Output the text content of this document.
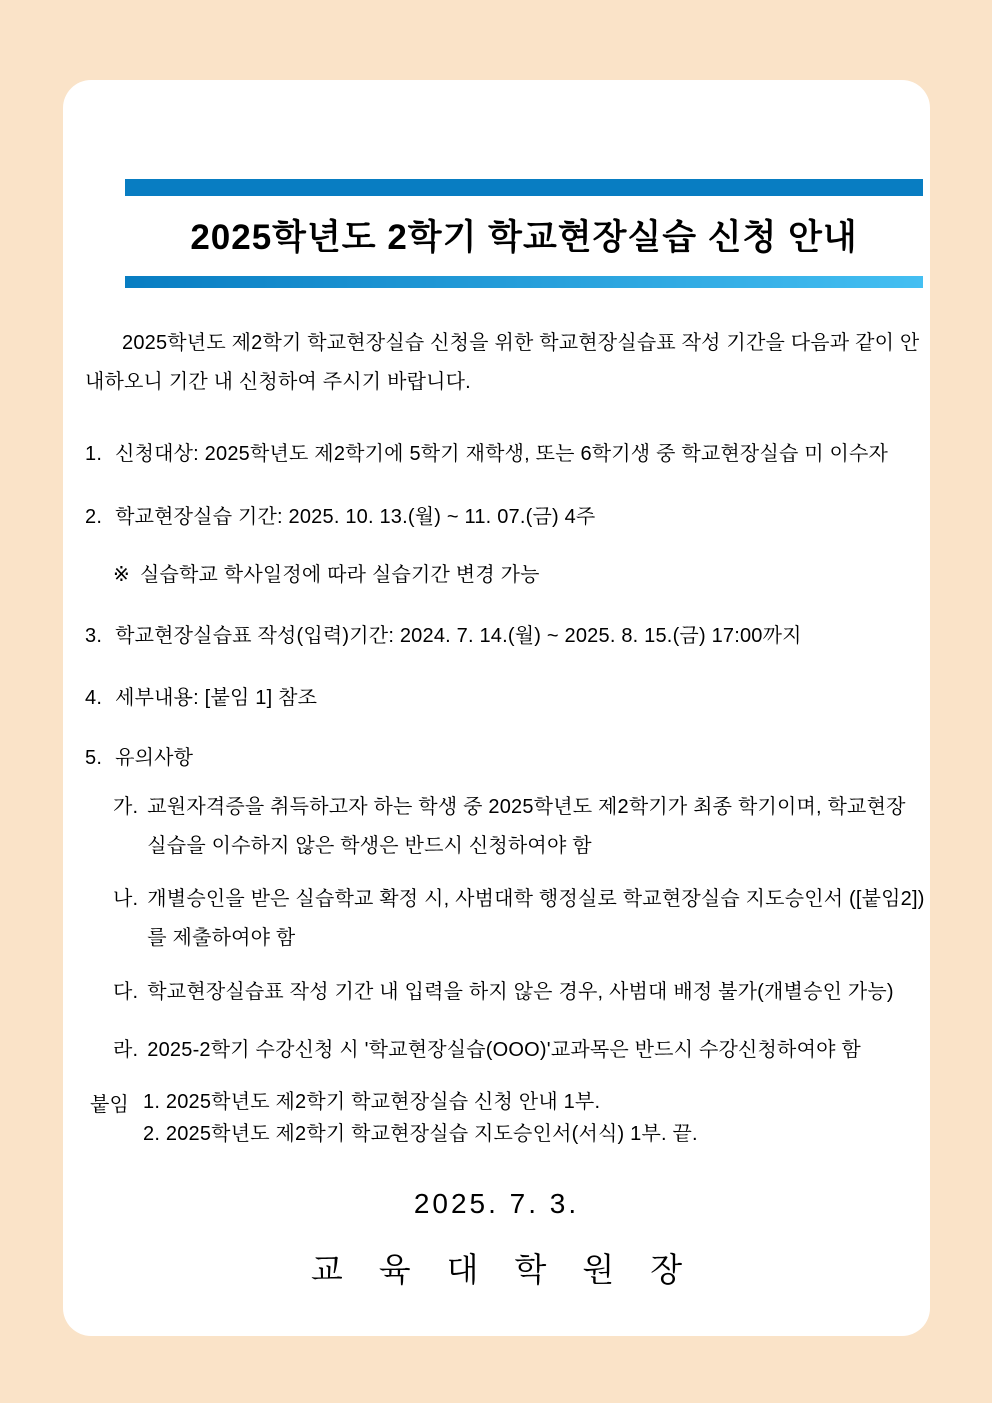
2025학년도 2학기 학교현장실습 신청 안내

2025학년도 제2학기 학교현장실습 신청을 위한 학교현장실습표 작성 기간을 다음과 같이 안내하오니 기간 내 신청하여 주시기 바랍니다.

1. 신청대상: 2025학년도 제2학기에 5학기 재학생, 또는 6학기생 중 학교현장실습 미 이수자
2. 학교현장실습 기간: 2025. 10. 13.(월) ~ 11. 07.(금) 4주
※ 실습학교 학사일정에 따라 실습기간 변경 가능
3. 학교현장실습표 작성(입력)기간: 2024. 7. 14.(월) ~ 2025. 8. 15.(금) 17:00까지
4. 세부내용: [붙임 1] 참조
5. 유의사항
가. 교원자격증을 취득하고자 하는 학생 중 2025학년도 제2학기가 최종 학기이며, 학교현장 실습을 이수하지 않은 학생은 반드시 신청하여야 함
나. 개별승인을 받은 실습학교 확정 시, 사범대학 행정실로 학교현장실습 지도승인서 ([붙임2])를 제출하여야 함
다. 학교현장실습표 작성 기간 내 입력을 하지 않은 경우, 사범대 배정 불가(개별승인 가능)
라. 2025-2학기 수강신청 시 '학교현장실습(OOO)'교과목은 반드시 수강신청하여야 함
붙임 1. 2025학년도 제2학기 학교현장실습 신청 안내 1부.
2. 2025학년도 제2학기 학교현장실습 지도승인서(서식) 1부. 끝.
2025. 7. 3.
교육대학원장
